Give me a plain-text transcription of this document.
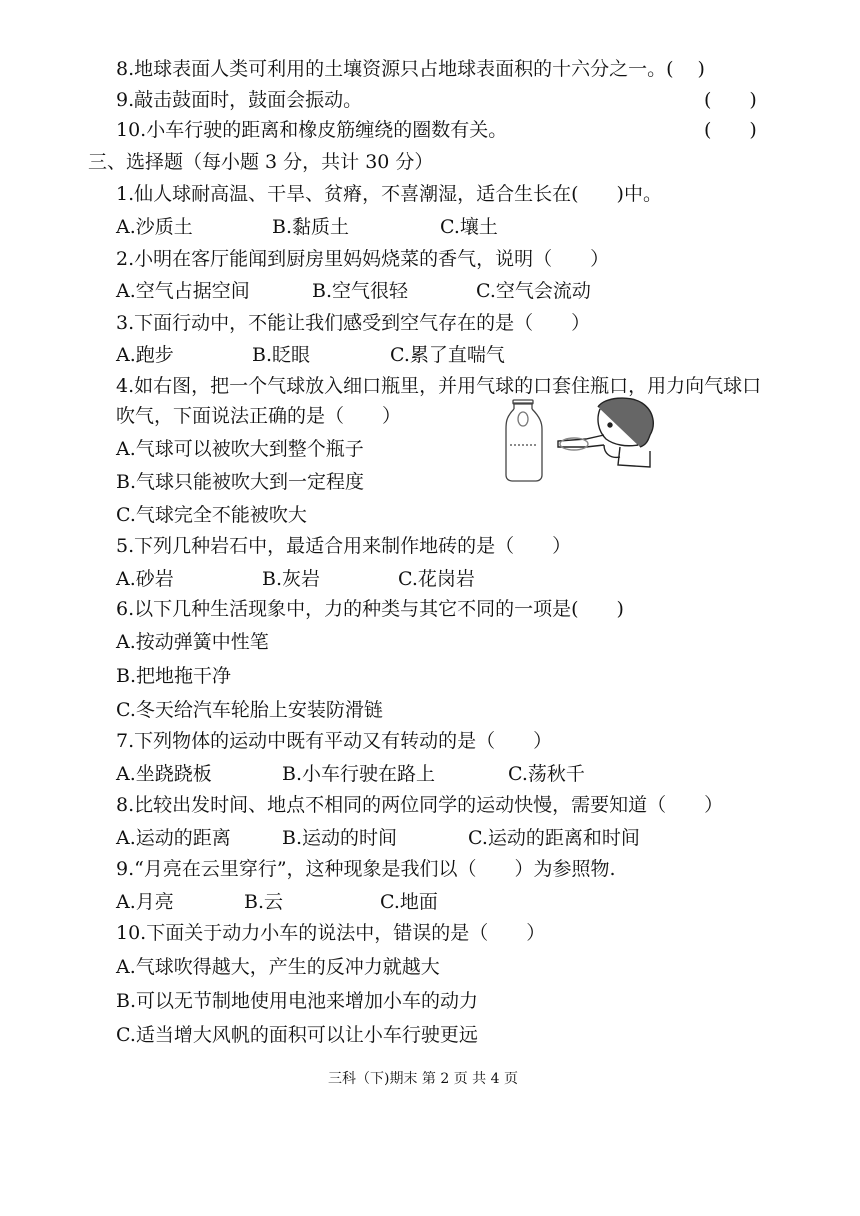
8.地球表面人类可利用的土壤资源只占地球表面积的十六分之一。( )
9.敲击鼓面时，鼓面会振动。	(　　)
10.小车行驶的距离和橡皮筋缠绕的圈数有关。	(　　)
三、选择题（每小题 3 分，共计 30 分）
1.仙人球耐高温、干旱、贫瘠，不喜潮湿，适合生长在(　　)中。
A.沙质土	B.黏质土	C.壤土
2.小明在客厅能闻到厨房里妈妈烧菜的香气，说明（　　）
A.空气占据空间	B.空气很轻	C.空气会流动
3.下面行动中，不能让我们感受到空气存在的是（　　）
A.跑步	B.眨眼	C.累了直喘气
4.如右图，把一个气球放入细口瓶里，并用气球的口套住瓶口，用力向气球口
吹气，下面说法正确的是（　　）
A.气球可以被吹大到整个瓶子
B.气球只能被吹大到一定程度
C.气球完全不能被吹大
5.下列几种岩石中，最适合用来制作地砖的是（　　）
A.砂岩	B.灰岩	C.花岗岩
6.以下几种生活现象中，力的种类与其它不同的一项是(　　)
A.按动弹簧中性笔
B.把地拖干净
C.冬天给汽车轮胎上安装防滑链
7.下列物体的运动中既有平动又有转动的是（　　）
A.坐跷跷板	B.小车行驶在路上	C.荡秋千
8.比较出发时间、地点不相同的两位同学的运动快慢，需要知道（　　）
A.运动的距离	B.运动的时间	C.运动的距离和时间
9.“月亮在云里穿行”，这种现象是我们以（　　）为参照物.
A.月亮	B.云	C.地面
10.下面关于动力小车的说法中，错误的是（　　）
A.气球吹得越大，产生的反冲力就越大
B.可以无节制地使用电池来增加小车的动力
C.适当增大风帆的面积可以让小车行驶更远
三科（下)期末 第 2 页 共 4 页
